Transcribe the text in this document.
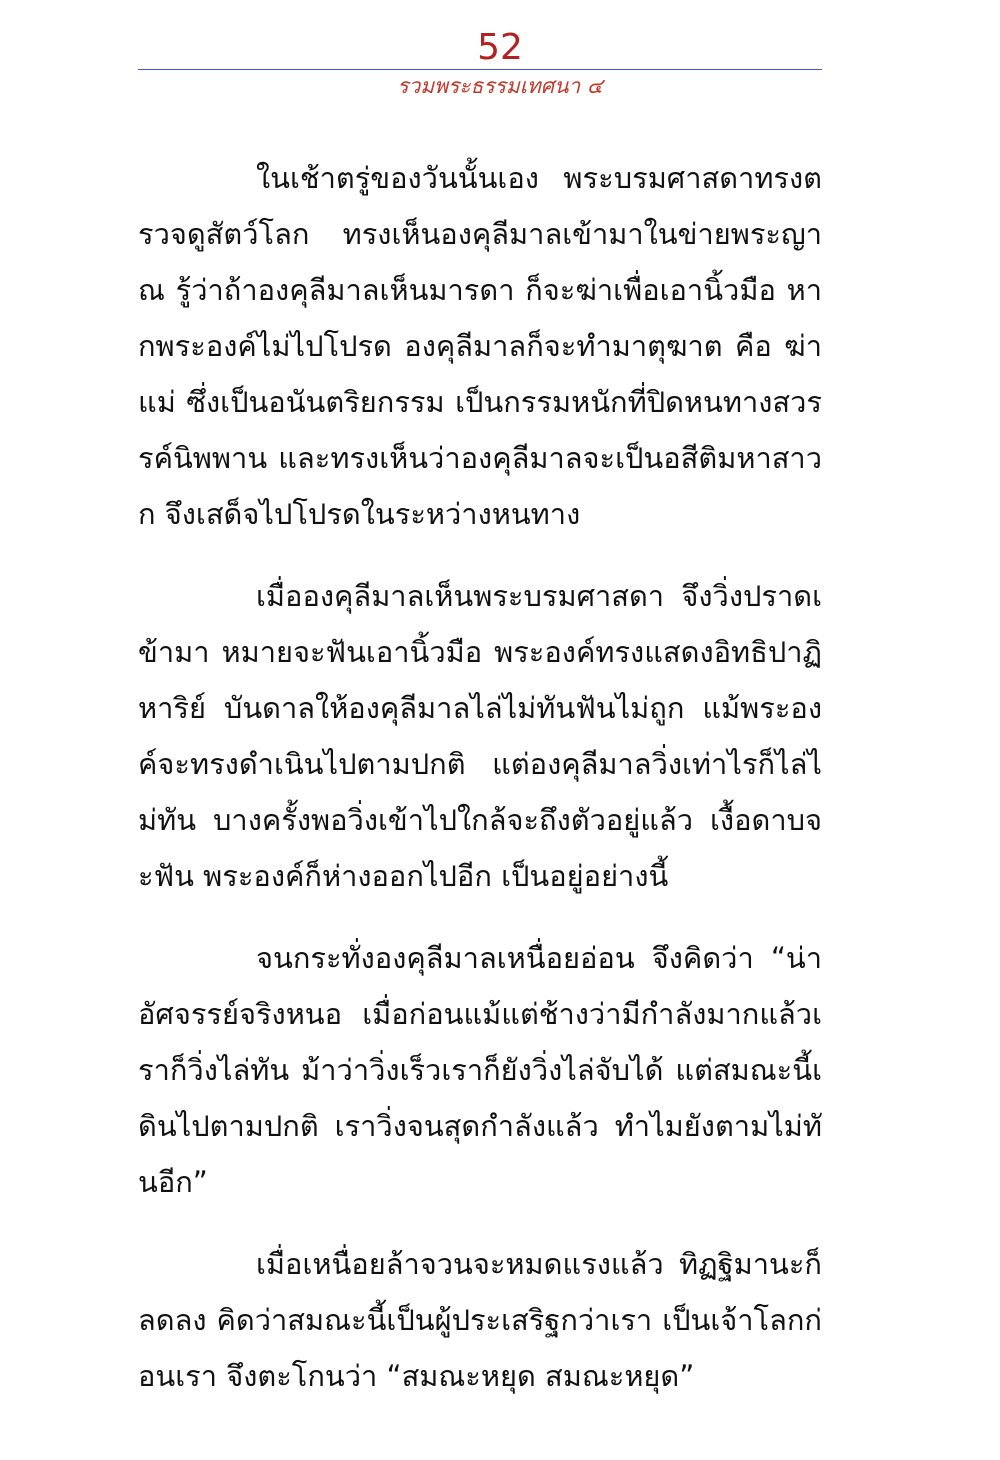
52
รวมพระธรรมเทศนา ๔

ในเช้าตรู่ของวันนั้นเอง พระบรมศาสดาทรงตรวจดูสัตว์โลก ทรงเห็นองคุลีมาลเข้ามาในข่ายพระญาณ รู้ว่าถ้าองคุลีมาลเห็นมารดา ก็จะฆ่าเพื่อเอานิ้วมือ หากพระองค์ไม่ไปโปรด องคุลีมาลก็จะทำมาตุฆาต คือ ฆ่าแม่ ซึ่งเป็นอนันตริยกรรม เป็นกรรมหนักที่ปิดหนทางสวรรค์นิพพาน และทรงเห็นว่าองคุลีมาลจะเป็นอสีติมหาสาวก จึงเสด็จไปโปรดในระหว่างหนทาง

เมื่อองคุลีมาลเห็นพระบรมศาสดา จึงวิ่งปราดเข้ามา หมายจะฟันเอานิ้วมือ พระองค์ทรงแสดงอิทธิปาฏิหาริย์ บันดาลให้องคุลีมาลไล่ไม่ทันฟันไม่ถูก แม้พระองค์จะทรงดำเนินไปตามปกติ แต่องคุลีมาลวิ่งเท่าไรก็ไล่ไม่ทัน บางครั้งพอวิ่งเข้าไปใกล้จะถึงตัวอยู่แล้ว เงื้อดาบจะฟัน พระองค์ก็ห่างออกไปอีก เป็นอยู่อย่างนี้

จนกระทั่งองคุลีมาลเหนื่อยอ่อน จึงคิดว่า “น่าอัศจรรย์จริงหนอ เมื่อก่อนแม้แต่ช้างว่ามีกำลังมากแล้วเราก็วิ่งไล่ทัน ม้าว่าวิ่งเร็วเราก็ยังวิ่งไล่จับได้ แต่สมณะนี้เดินไปตามปกติ เราวิ่งจนสุดกำลังแล้ว ทำไมยังตามไม่ทันอีก”

เมื่อเหนื่อยล้าจวนจะหมดแรงแล้ว ทิฏฐิมานะก็ลดลง คิดว่าสมณะนี้เป็นผู้ประเสริฐกว่าเรา เป็นเจ้าโลกก่อนเรา จึงตะโกนว่า “สมณะหยุด สมณะหยุด”
